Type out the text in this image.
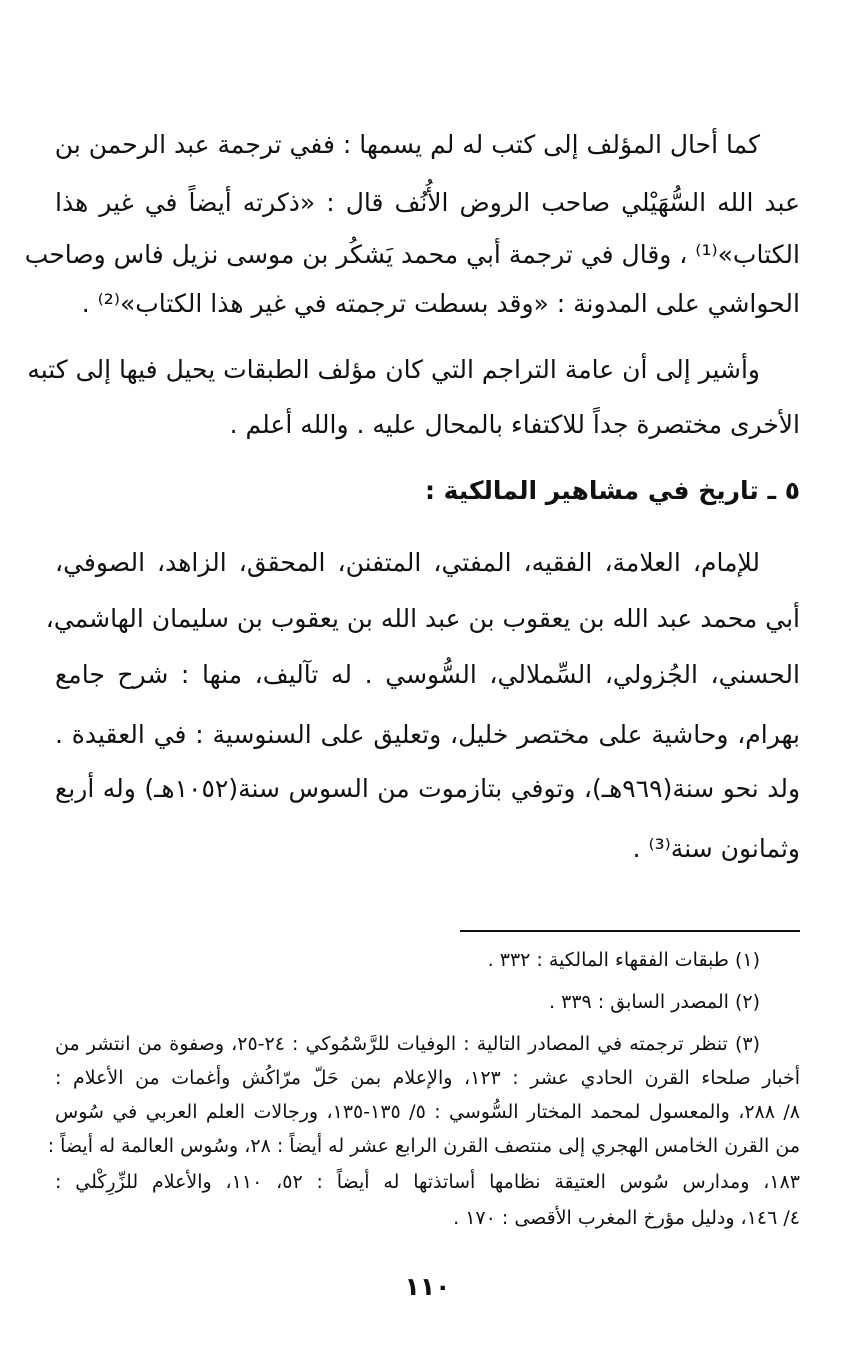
كما أحال المؤلف إلى كتب له لم يسمها : ففي ترجمة عبد الرحمن بن
عبد الله السُّهَيْلي صاحب الروض الأُنُف قال : «ذكرته أيضاً في غير هذا
الكتاب»⁽¹⁾ ، وقال في ترجمة أبي محمد يَشكُر بن موسى نزيل فاس وصاحب
الحواشي على المدونة : «وقد بسطت ترجمته في غير هذا الكتاب»⁽²⁾ .
وأشير إلى أن عامة التراجم التي كان مؤلف الطبقات يحيل فيها إلى كتبه
الأخرى مختصرة جداً للاكتفاء بالمحال عليه . والله أعلم .
٥ ـ تاريخ في مشاهير المالكية :
للإمام، العلامة، الفقيه، المفتي، المتفنن، المحقق، الزاهد، الصوفي،
أبي محمد عبد الله بن يعقوب بن عبد الله بن يعقوب بن سليمان الهاشمي،
الحسني، الجُزولي، السِّملالي، السُّوسي . له تآليف، منها : شرح جامع
بهرام، وحاشية على مختصر خليل، وتعليق على السنوسية : في العقيدة .
ولد نحو سنة(٩٦٩هـ)، وتوفي بتازموت من السوس سنة(١٠٥٢هـ) وله أربع
وثمانون سنة⁽³⁾ .
(١) طبقات الفقهاء المالكية : ٣٣٢ .
(٢) المصدر السابق : ٣٣٩ .
(٣) تنظر ترجمته في المصادر التالية : الوفيات للرَّسْمُوكي : ٢٤-٢٥، وصفوة من انتشر من
أخبار صلحاء القرن الحادي عشر : ١٢٣، والإعلام بمن حَلّ مرّاكُش وأغمات من الأعلام :
٨/ ٢٨٨، والمعسول لمحمد المختار السُّوسي : ٥/ ١٣٥-١٣٥، ورجالات العلم العربي في سُوس
من القرن الخامس الهجري إلى منتصف القرن الرابع عشر له أيضاً : ٢٨، وسُوس العالمة له أيضاً :
١٨٣، ومدارس سُوس العتيقة نظامها أساتذتها له أيضاً : ٥٢، ١١٠، والأعلام للزِّرِكْلي :
٤/ ١٤٦، ودليل مؤرخ المغرب الأقصى : ١٧٠ .
١١٠
